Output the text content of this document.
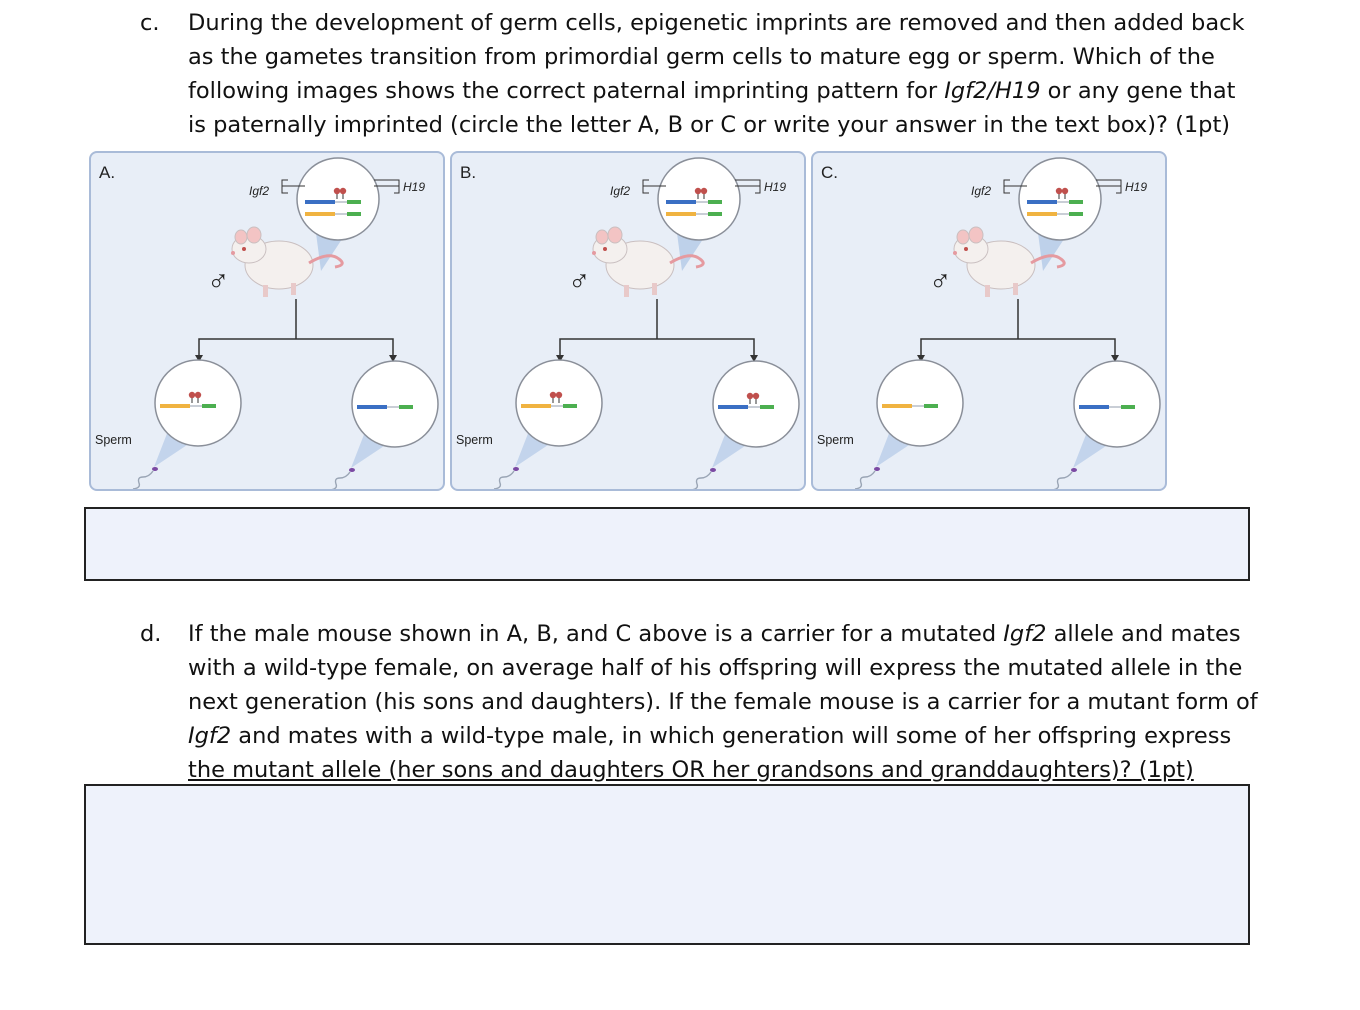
c. During the development of germ cells, epigenetic imprints are removed and then added back
as the gametes transition from primordial germ cells to mature egg or sperm. Which of the
following images shows the correct paternal imprinting pattern for Igf2/H19 or any gene that
is paternally imprinted (circle the letter A, B or C or write your answer in the text box)? (1pt)
A.
Igf2	H19
♂
Sperm
B.
Igf2	H19
♂
Sperm
C.
Igf2	H19
♂
Sperm
d. If the male mouse shown in A, B, and C above is a carrier for a mutated Igf2 allele and mates
with a wild-type female, on average half of his offspring will express the mutated allele in the
next generation (his sons and daughters). If the female mouse is a carrier for a mutant form of
Igf2 and mates with a wild-type male, in which generation will some of her offspring express
the mutant allele (her sons and daughters OR her grandsons and granddaughters)? (1pt)
